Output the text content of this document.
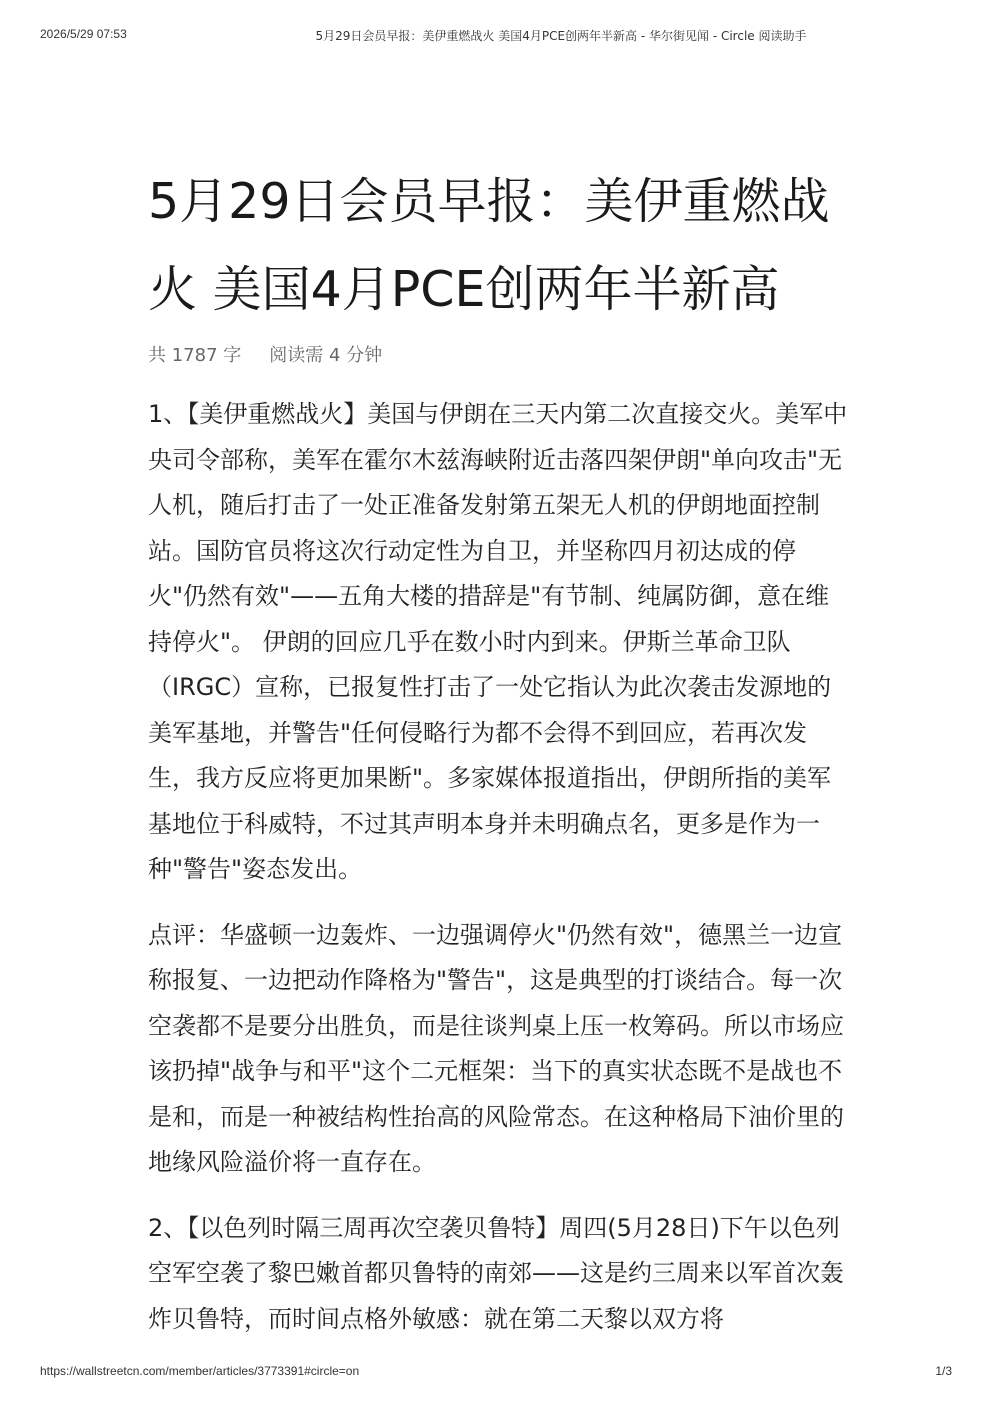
2026/5/29 07:53	5月29日会员早报：美伊重燃战火 美国4月PCE创两年半新高 - 华尔街见闻 - Circle 阅读助手
5月29日会员早报：美伊重燃战火 美国4月PCE创两年半新高
共 1787 字 阅读需 4 分钟

1、【美伊重燃战火】美国与伊朗在三天内第二次直接交火。美军中央司令部称，美军在霍尔木兹海峡附近击落四架伊朗"单向攻击"无人机，随后打击了一处正准备发射第五架无人机的伊朗地面控制站。国防官员将这次行动定性为自卫，并坚称四月初达成的停火"仍然有效"——五角大楼的措辞是"有节制、纯属防御，意在维持停火"。 伊朗的回应几乎在数小时内到来。伊斯兰革命卫队（IRGC）宣称，已报复性打击了一处它指认为此次袭击发源地的美军基地，并警告"任何侵略行为都不会得不到回应，若再次发生，我方反应将更加果断"。多家媒体报道指出，伊朗所指的美军基地位于科威特，不过其声明本身并未明确点名，更多是作为一种"警告"姿态发出。

点评：华盛顿一边轰炸、一边强调停火"仍然有效"，德黑兰一边宣称报复、一边把动作降格为"警告"，这是典型的打谈结合。每一次空袭都不是要分出胜负，而是往谈判桌上压一枚筹码。所以市场应该扔掉"战争与和平"这个二元框架：当下的真实状态既不是战也不是和，而是一种被结构性抬高的风险常态。在这种格局下油价里的地缘风险溢价将一直存在。

2、【以色列时隔三周再次空袭贝鲁特】周四(5月28日)下午以色列空军空袭了黎巴嫩首都贝鲁特的南郊——这是约三周来以军首次轰炸贝鲁特，而时间点格外敏感：就在第二天黎以双方将

https://wallstreetcn.com/member/articles/3773391#circle=on	1/3
